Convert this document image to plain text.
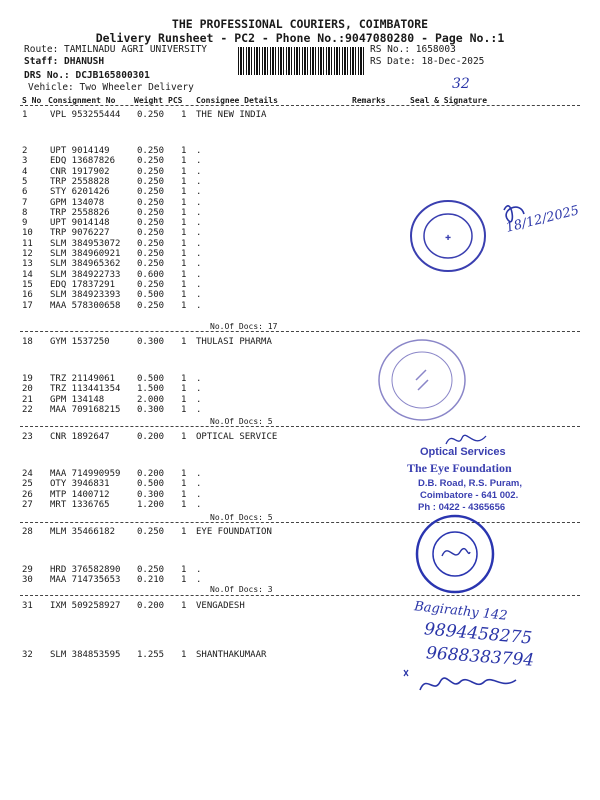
THE PROFESSIONAL COURIERS, COIMBATORE
Delivery Runsheet - PC2 - Phone No.:9047080280 - Page No.:1
Route: TAMILNADU AGRI UNIVERSITY
Staff: DHANUSH
DRS No.: DCJB165800301
Vehicle: Two Wheeler Delivery
RS No.: 1658003
RS Date: 18-Dec-2025
32
S No Consignment No Weight PCS Consignee Details	Remarks	Seal & Signature
1	VPL 953255444 0.250 1 THE NEW INDIA
2	UPT 9014149	0.250 1 .
3	EDQ 13687826 0.250 1 .
4	CNR 1917902	0.250 1 .
5	TRP 2558828	0.250 1 .
6	STY 6201426	0.250 1 .
7	GPM 134078	0.250 1 .
8	TRP 2558826	0.250 1 .
9	UPT 9014148	0.250 1 .
10 TRP 9076227	0.250 1 .
11 SLM 384953072 0.250 1 .
12 SLM 384960921 0.250 1 .
13 SLM 384965362 0.250 1 .
14 SLM 384922733 0.600 1 .
15 EDQ 17837291 0.250 1 .
16 SLM 384923393 0.500 1 .
17 MAA 578300658 0.250 1 .
No.Of Docs: 17
18 GYM 1537250	0.300 1 THULASI PHARMA
19 TRZ 21149061 0.500 1 .
20 TRZ 113441354 1.500 1 .
21 GPM 134148	2.000 1 .
22 MAA 709168215 0.300 1 .
No.Of Docs: 5
23 CNR 1892647	0.200 1 OPTICAL SERVICE
24 MAA 714990959 0.200 1 .
25 OTY 3946831	0.500 1 .
26 MTP 1400712	0.300 1 .
27 MRT 1336765	1.200 1 .
No.Of Docs: 5
28 MLM 35466182 0.250 1 EYE FOUNDATION
29 HRD 376582890 0.250 1 .
30 MAA 714735653 0.210 1 .
No.Of Docs: 3
31 IXM 509258927 0.200 1 VENGADESH
32 SLM 384853595 1.255 1 SHANTHAKUMAAR
✚
18/12/2025
Optical Services
The Eye Foundation
D.B. Road, R.S. Puram,
Coimbatore - 641 002.
Ph : 0422 - 4365656
Bagirathy 142
9894458275
9688383794
